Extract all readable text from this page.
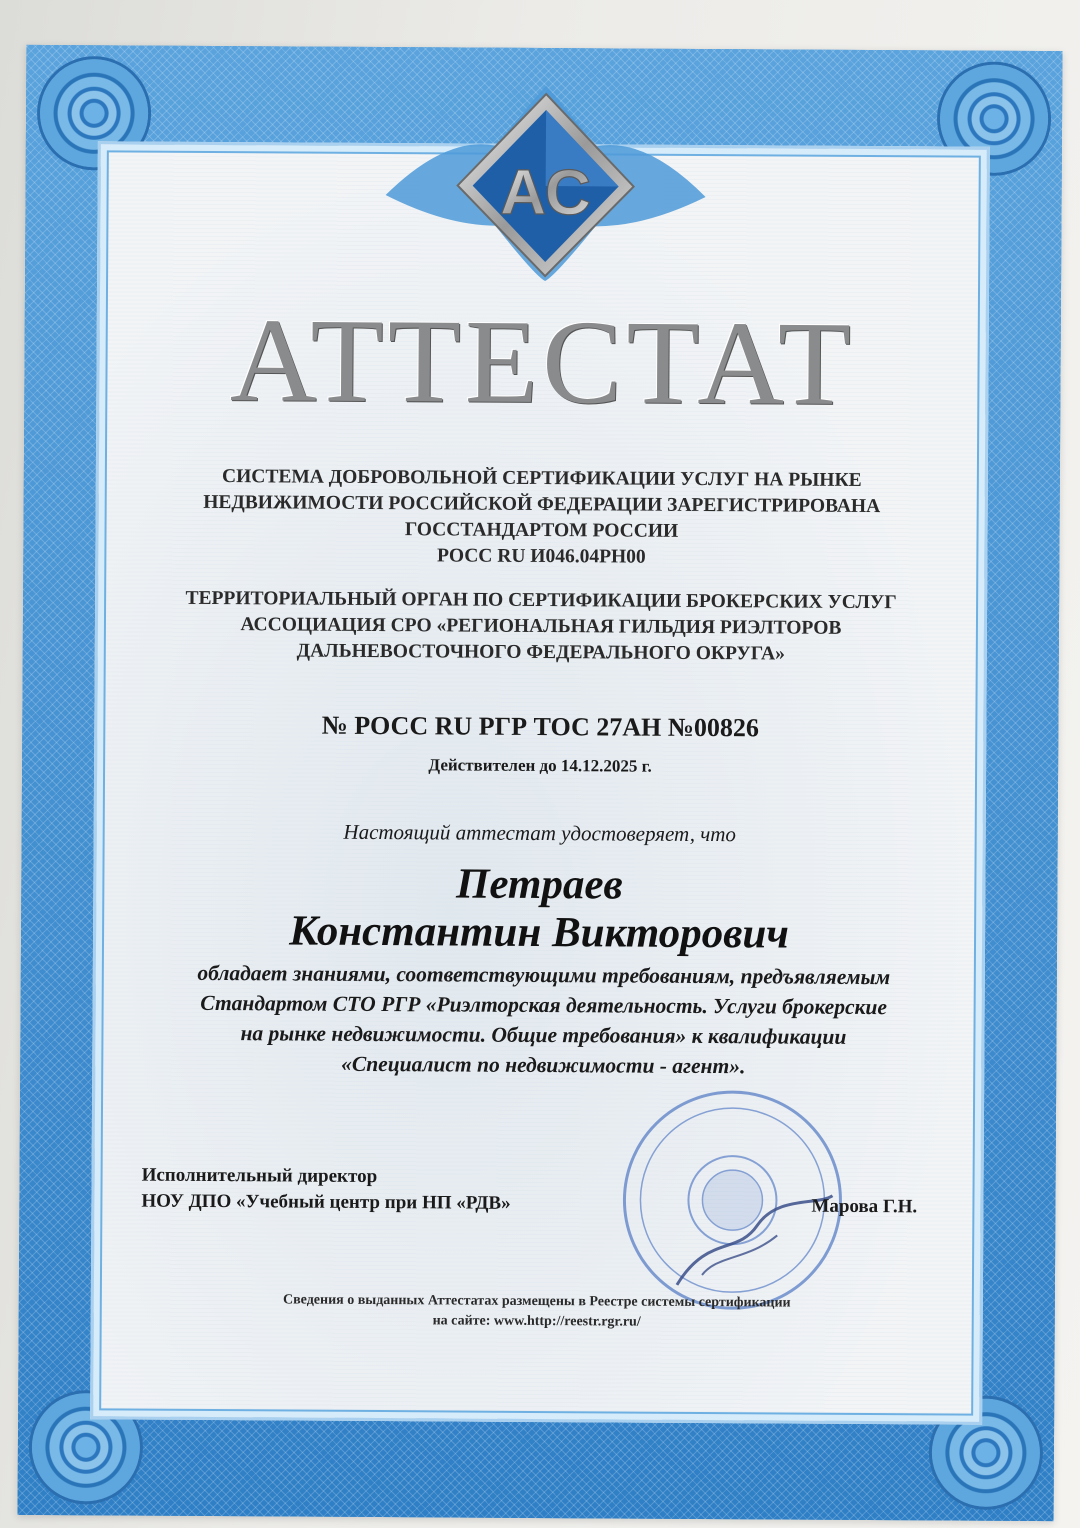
АС
АТТЕСТАТ
СИСТЕМА ДОБРОВОЛЬНОЙ СЕРТИФИКАЦИИ УСЛУГ НА РЫНКЕ
НЕДВИЖИМОСТИ РОССИЙСКОЙ ФЕДЕРАЦИИ ЗАРЕГИСТРИРОВАНА
ГОССТАНДАРТОМ РОССИИ
РОСС RU И046.04РН00
ТЕРРИТОРИАЛЬНЫЙ ОРГАН ПО СЕРТИФИКАЦИИ БРОКЕРСКИХ УСЛУГ
АССОЦИАЦИЯ СРО «РЕГИОНАЛЬНАЯ ГИЛЬДИЯ РИЭЛТОРОВ
ДАЛЬНЕВОСТОЧНОГО ФЕДЕРАЛЬНОГО ОКРУГА»
№ РОСС RU РГР ТОС 27АН №00826
Действителен до 14.12.2025 г.
Настоящий аттестат удостоверяет, что
Петраев
Константин Викторович
обладает знаниями, соответствующими требованиям, предъявляемым
Стандартом СТО РГР «Риэлторская деятельность. Услуги брокерские
на рынке недвижимости. Общие требования» к квалификации
«Специалист по недвижимости - агент».
Исполнительный директор
НОУ ДПО «Учебный центр при НП «РДВ»	Марова Г.Н.
Сведения о выданных Аттестатах размещены в Реестре системы сертификации
на сайте: www.http://reestr.rgr.ru/
